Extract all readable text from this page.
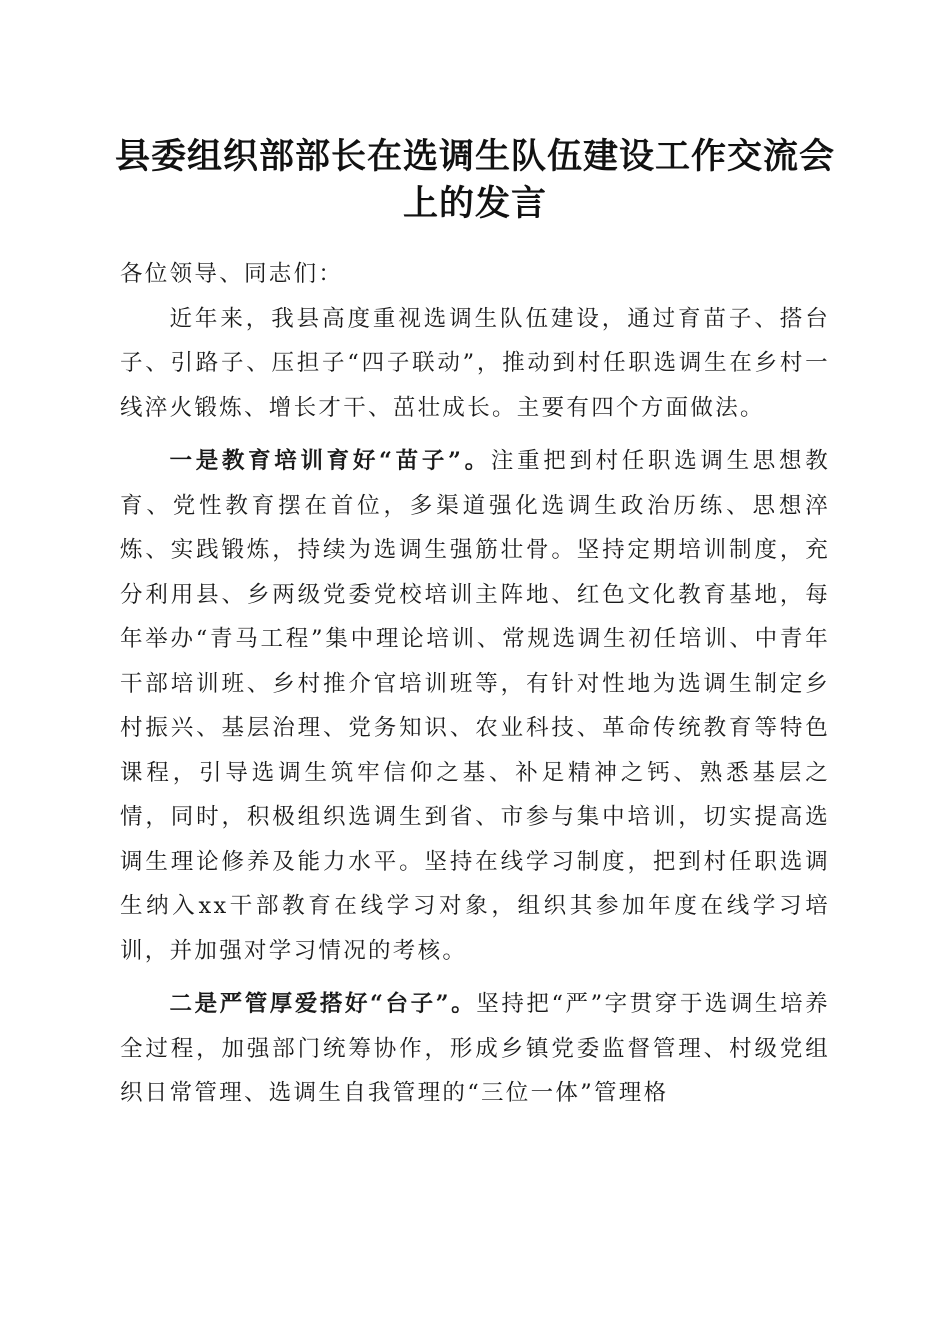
县委组织部部长在选调生队伍建设工作交流会上的发言

各位领导、同志们：

近年来，我县高度重视选调生队伍建设，通过育苗子、搭台子、引路子、压担子“四子联动”，推动到村任职选调生在乡村一线淬火锻炼、增长才干、茁壮成长。主要有四个方面做法。

一是教育培训育好“苗子”。注重把到村任职选调生思想教育、党性教育摆在首位，多渠道强化选调生政治历练、思想淬炼、实践锻炼，持续为选调生强筋壮骨。坚持定期培训制度，充分利用县、乡两级党委党校培训主阵地、红色文化教育基地，每年举办“青马工程”集中理论培训、常规选调生初任培训、中青年干部培训班、乡村推介官培训班等，有针对性地为选调生制定乡村振兴、基层治理、党务知识、农业科技、革命传统教育等特色课程，引导选调生筑牢信仰之基、补足精神之钙、熟悉基层之情，同时，积极组织选调生到省、市参与集中培训，切实提高选调生理论修养及能力水平。坚持在线学习制度，把到村任职选调生纳入xx干部教育在线学习对象，组织其参加年度在线学习培训，并加强对学习情况的考核。

二是严管厚爱搭好“台子”。坚持把“严”字贯穿于选调生培养全过程，加强部门统筹协作，形成乡镇党委监督管理、村级党组织日常管理、选调生自我管理的“三位一体”管理格
